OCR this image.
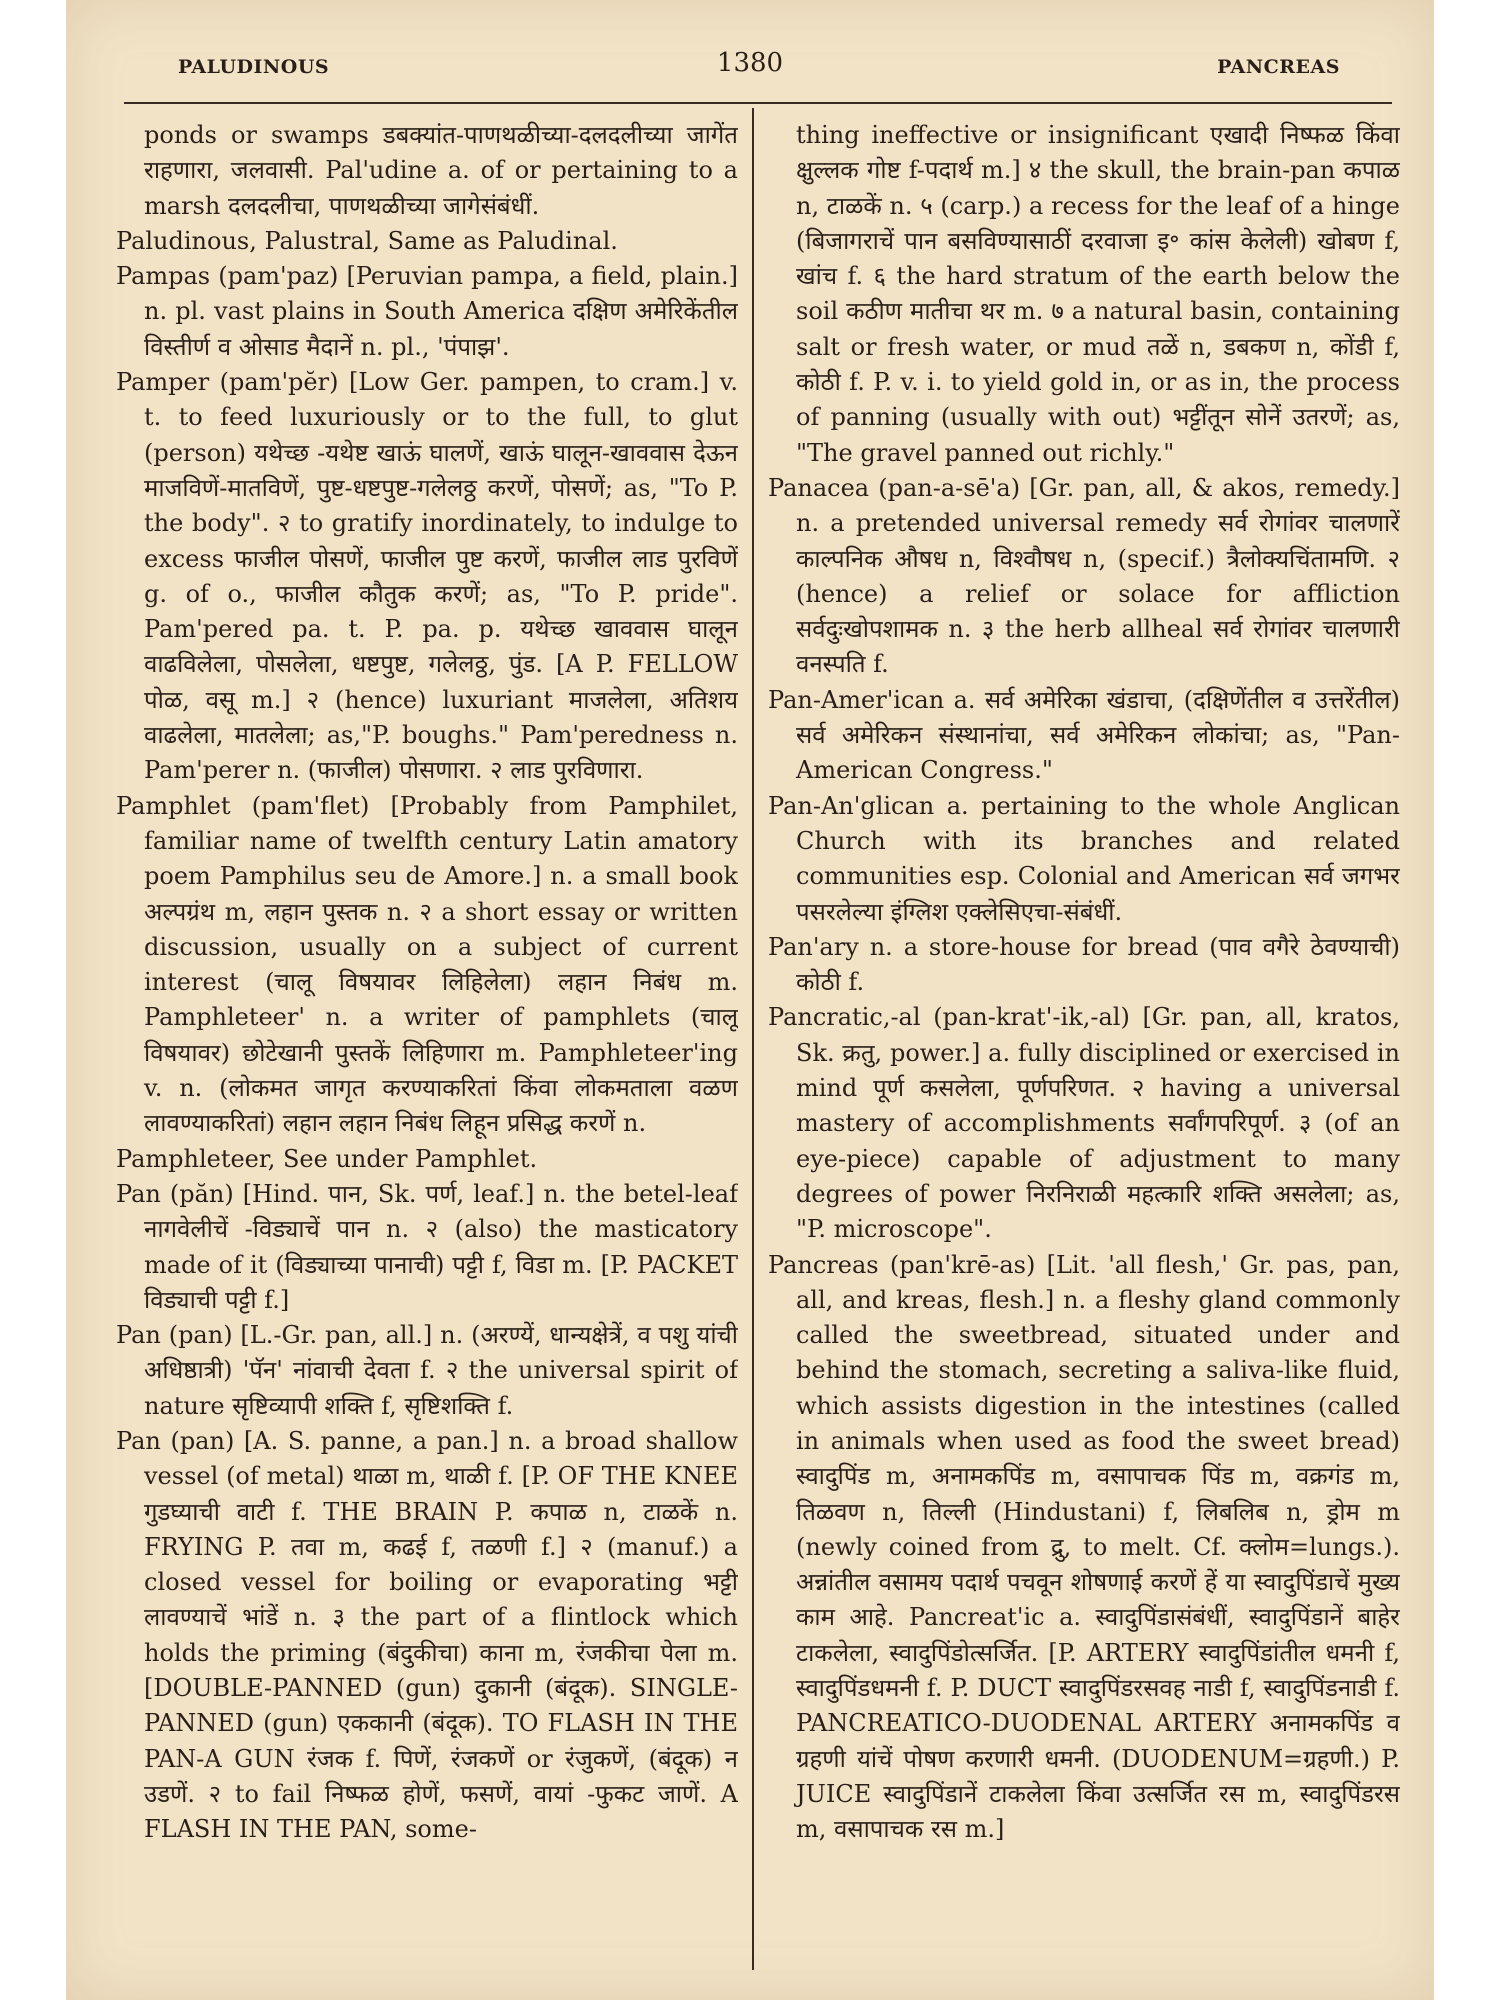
PALUDINOUS	1380	PANCREAS

ponds or swamps डबक्यांत-पाणथळीच्या-दलदलीच्या जागेंत राहणारा, जलवासी. Pal'udine a. of or pertaining to a marsh दलदलीचा, पाणथळीच्या जागेसंबंधीं.

Paludinous, Palustral, Same as Paludinal.

Pampas (pam'paz) [Peruvian pampa, a field, plain.] n. pl. vast plains in South America दक्षिण अमेरिकेंतील विस्तीर्ण व ओसाड मैदानें n. pl., 'पंपाझ'.

Pamper (pam'pĕr) [Low Ger. pampen, to cram.] v. t. to feed luxuriously or to the full, to glut (person) यथेच्छ -यथेष्ट खाऊं घालणें, खाऊं घालून-खाववास देऊन माजविणें-मातविणें, पुष्ट-धष्टपुष्ट-गलेलठ्ठ करणें, पोसणें; as, "To P. the body". २ to gratify inordinately, to indulge to excess फाजील पोसणें, फाजील पुष्ट करणें, फाजील लाड पुरविणें g. of o., फाजील कौतुक करणें; as, "To P. pride". Pam'pered pa. t. P. pa. p. यथेच्छ खाववास घालून वाढविलेला, पोसलेला, धष्टपुष्ट, गलेलठ्ठ, पुंड. [A P. FELLOW पोळ, वसू m.] २ (hence) luxuriant माजलेला, अतिशय वाढलेला, मातलेला; as,"P. boughs." Pam'peredness n. Pam'perer n. (फाजील) पोसणारा. २ लाड पुरविणारा.

Pamphlet (pam'flet) [Probably from Pamphilet, familiar name of twelfth century Latin amatory poem Pamphilus seu de Amore.] n. a small book अल्पग्रंथ m, लहान पुस्तक n. २ a short essay or written discussion, usually on a subject of current interest (चालू विषयावर लिहिलेला) लहान निबंध m. Pamphleteer' n. a writer of pamphlets (चालू विषयावर) छोटेखानी पुस्तकें लिहिणारा m. Pamphleteer'ing v. n. (लोकमत जागृत करण्याकरितां किंवा लोकमताला वळण लावण्याकरितां) लहान लहान निबंध लिहून प्रसिद्ध करणें n.

Pamphleteer, See under Pamphlet.

Pan (păn) [Hind. पान, Sk. पर्ण, leaf.] n. the betel-leaf नागवेलीचें -विड्याचें पान n. २ (also) the masticatory made of it (विड्याच्या पानाची) पट्टी f, विडा m. [P. PACKET विड्याची पट्टी f.]

Pan (pan) [L.-Gr. pan, all.] n. (अरण्यें, धान्यक्षेत्रें, व पशु यांची अधिष्ठात्री) 'पॅन' नांवाची देवता f. २ the universal spirit of nature सृष्टिव्यापी शक्ति f, सृष्टिशक्ति f.

Pan (pan) [A. S. panne, a pan.] n. a broad shallow vessel (of metal) थाळा m, थाळी f. [P. OF THE KNEE गुडघ्याची वाटी f. THE BRAIN P. कपाळ n, टाळकें n. FRYING P. तवा m, कढई f, तळणी f.] २ (manuf.) a closed vessel for boiling or evaporating भट्टी लावण्याचें भांडें n. ३ the part of a flintlock which holds the priming (बंदुकीचा) काना m, रंजकीचा पेला m. [DOUBLE-PANNED (gun) दुकानी (बंदूक). SINGLE-PANNED (gun) एककानी (बंदूक). TO FLASH IN THE PAN-A GUN रंजक f. पिणें, रंजकणें or रंजुकणें, (बंदूक) न उडणें. २ to fail निष्फळ होणें, फसणें, वायां -फुकट जाणें. A FLASH IN THE PAN, some-

thing ineffective or insignificant एखादी निष्फळ किंवा क्षुल्लक गोष्ट f-पदार्थ m.] ४ the skull, the brain-pan कपाळ n, टाळकें n. ५ (carp.) a recess for the leaf of a hinge (बिजागराचें पान बसविण्यासाठीं दरवाजा इ॰ कांस केलेली) खोबण f, खांच f. ६ the hard stratum of the earth below the soil कठीण मातीचा थर m. ७ a natural basin, containing salt or fresh water, or mud तळें n, डबकण n, कोंडी f, कोठी f. P. v. i. to yield gold in, or as in, the process of panning (usually with out) भट्टींतून सोनें उतरणें; as, "The gravel panned out richly."

Panacea (pan-a-sē'a) [Gr. pan, all, & akos, remedy.] n. a pretended universal remedy सर्व रोगांवर चालणारें काल्पनिक औषध n, विश्वौषध n, (specif.) त्रैलोक्यचिंतामणि. २ (hence) a relief or solace for affliction सर्वदुःखोपशामक n. ३ the herb allheal सर्व रोगांवर चालणारी वनस्पति f.

Pan-Amer'ican a. सर्व अमेरिका खंडाचा, (दक्षिणेंतील व उत्तरेंतील) सर्व अमेरिकन संस्थानांचा, सर्व अमेरिकन लोकांचा; as, "Pan-American Congress."

Pan-An'glican a. pertaining to the whole Anglican Church with its branches and related communities esp. Colonial and American सर्व जगभर पसरलेल्या इंग्लिश एक्लेसिएचा-संबंधीं.

Pan'ary n. a store-house for bread (पाव वगैरे ठेवण्याची) कोठी f.

Pancratic,-al (pan-krat'-ik,-al) [Gr. pan, all, kratos, Sk. क्रतु, power.] a. fully disciplined or exercised in mind पूर्ण कसलेला, पूर्णपरिणत. २ having a universal mastery of accomplishments सर्वांगपरिपूर्ण. ३ (of an eye-piece) capable of adjustment to many degrees of power निरनिराळी महत्कारि शक्ति असलेला; as, "P. microscope".

Pancreas (pan'krē-as) [Lit. 'all flesh,' Gr. pas, pan, all, and kreas, flesh.] n. a fleshy gland commonly called the sweetbread, situated under and behind the stomach, secreting a saliva-like fluid, which assists digestion in the intestines (called in animals when used as food the sweet bread) स्वादुपिंड m, अनामकपिंड m, वसापाचक पिंड m, वक्रगंड m, तिळवण n, तिल्ली (Hindustani) f, लिबलिब n, ड्रोम m (newly coined from द्रु, to melt. Cf. क्लोम=lungs.). अन्नांतील वसामय पदार्थ पचवून शोषणाई करणें हें या स्वादुपिंडाचें मुख्य काम आहे. Pancreat'ic a. स्वादुपिंडासंबंधीं, स्वादुपिंडानें बाहेर टाकलेला, स्वादुपिंडोत्सर्जित. [P. ARTERY स्वादुपिंडांतील धमनी f, स्वादुपिंडधमनी f. P. DUCT स्वादुपिंडरसवह नाडी f, स्वादुपिंडनाडी f. PANCREATICO-DUODENAL ARTERY अनामकपिंड व ग्रहणी यांचें पोषण करणारी धमनी. (DUODENUM=ग्रहणी.) P. JUICE स्वादुपिंडानें टाकलेला किंवा उत्सर्जित रस m, स्वादुपिंडरस m, वसापाचक रस m.]
